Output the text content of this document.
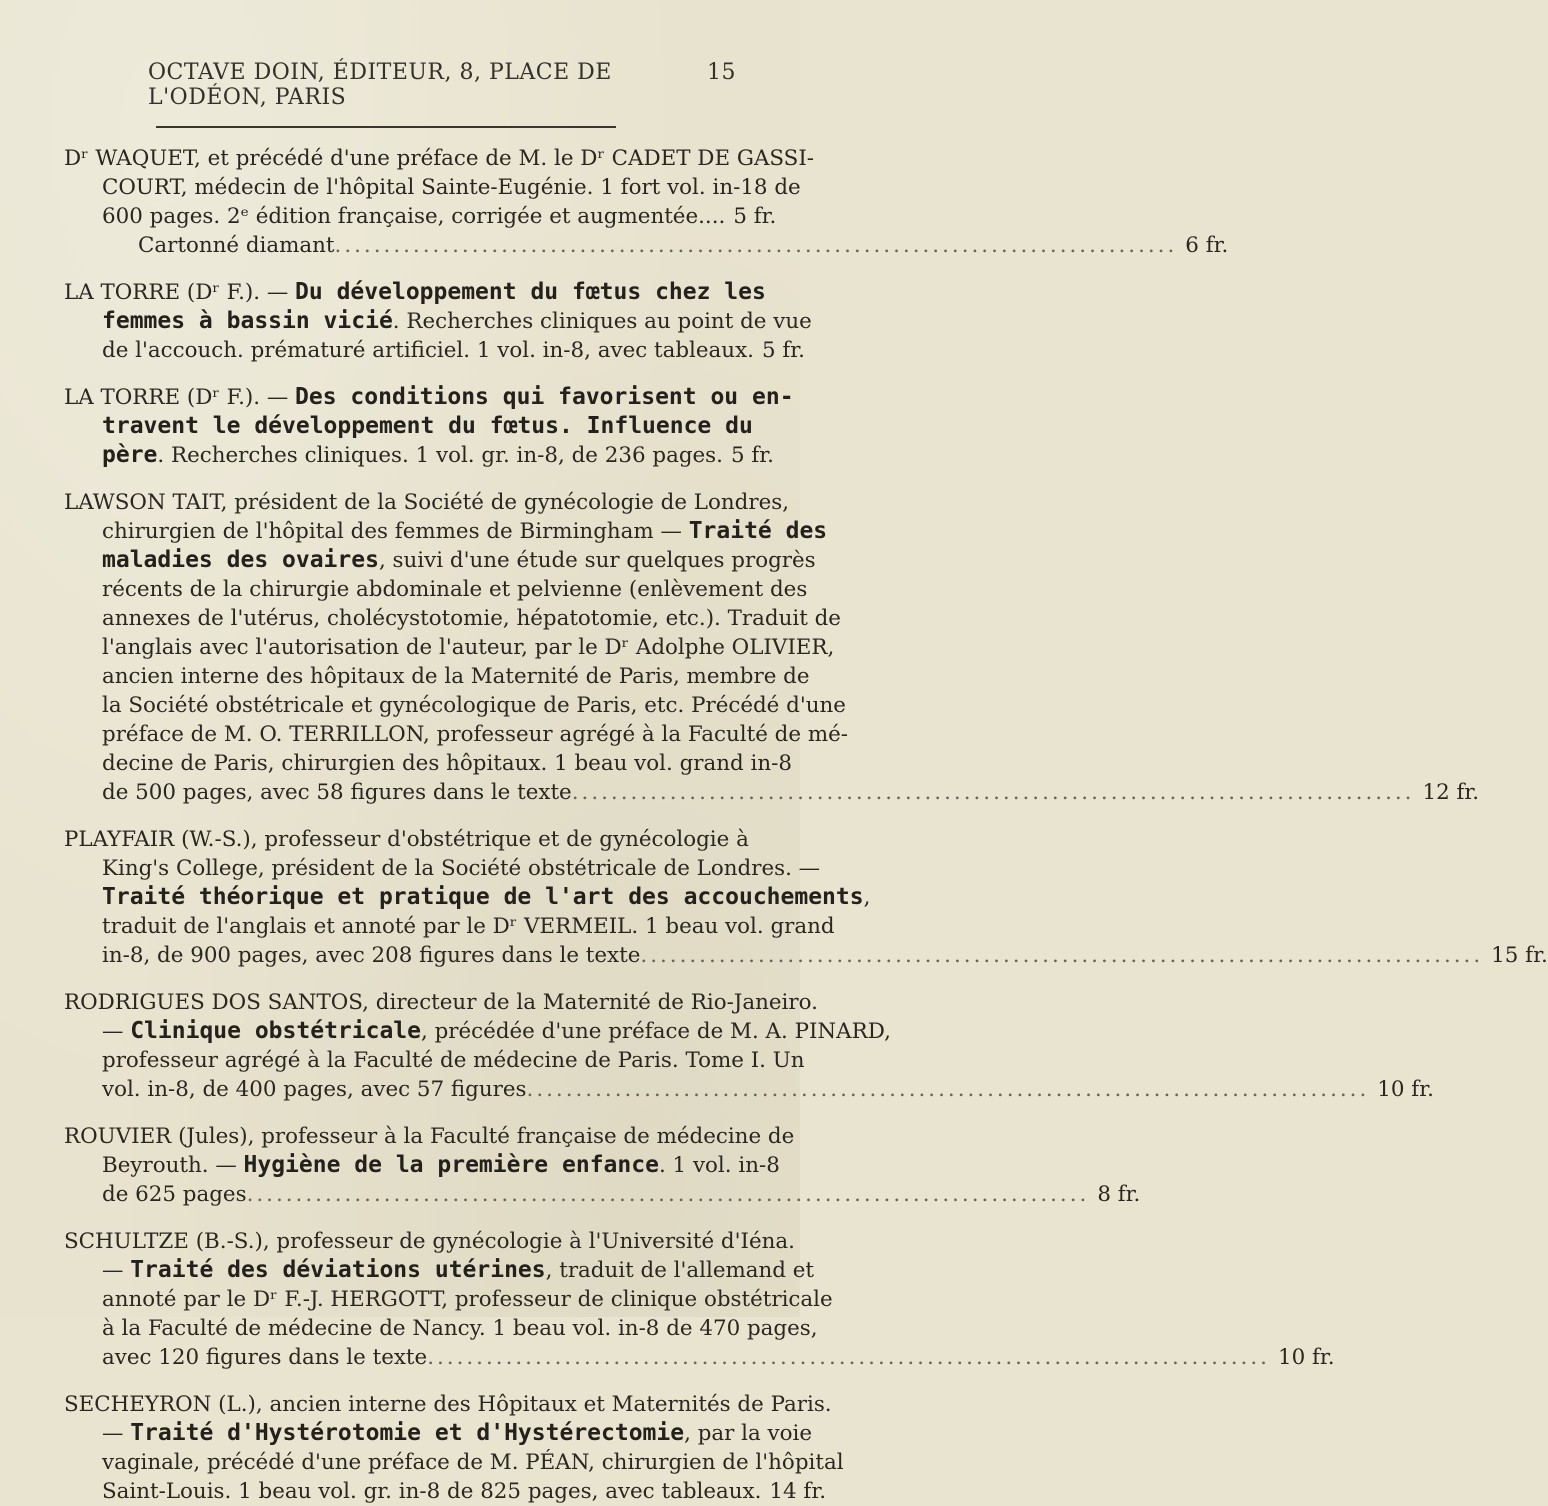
OCTAVE DOIN, ÉDITEUR, 8, PLACE DE L'ODÉON, PARIS
15
Dʳ WAQUET, et précédé d'une préface de M. le Dʳ CADET DE GASSI-
COURT, médecin de l'hôpital Sainte-Eugénie. 1 fort vol. in-18 de
600 pages. 2ᵉ édition française, corrigée et augmentée.... 5 fr.
Cartonné diamant .....	6 fr.
LA TORRE (Dʳ F.). — Du développement du fœtus chez les
femmes à bassin vicié. Recherches cliniques au point de vue
de l'accouch. prématuré artificiel. 1 vol. in-8, avec tableaux. 5 fr.
LA TORRE (Dʳ F.). — Des conditions qui favorisent ou en-
travent le développement du fœtus. Influence du
père. Recherches cliniques. 1 vol. gr. in-8, de 236 pages. 5 fr.
LAWSON TAIT, président de la Société de gynécologie de Londres,
chirurgien de l'hôpital des femmes de Birmingham — Traité des
maladies des ovaires, suivi d'une étude sur quelques progrès
récents de la chirurgie abdominale et pelvienne (enlèvement des
annexes de l'utérus, cholécystotomie, hépatotomie, etc.). Traduit de
l'anglais avec l'autorisation de l'auteur, par le Dʳ Adolphe OLIVIER,
ancien interne des hôpitaux de la Maternité de Paris, membre de
la Société obstétricale et gynécologique de Paris, etc. Précédé d'une
préface de M. O. TERRILLON, professeur agrégé à la Faculté de mé-
decine de Paris, chirurgien des hôpitaux. 1 beau vol. grand in-8
de 500 pages, avec 58 figures dans le texte .....	12 fr.
PLAYFAIR (W.-S.), professeur d'obstétrique et de gynécologie à
King's College, président de la Société obstétricale de Londres. —
Traité théorique et pratique de l'art des accouchements,
traduit de l'anglais et annoté par le Dʳ VERMEIL. 1 beau vol. grand
in-8, de 900 pages, avec 208 figures dans le texte .....	15 fr.
RODRIGUES DOS SANTOS, directeur de la Maternité de Rio-Janeiro.
— Clinique obstétricale, précédée d'une préface de M. A. PINARD,
professeur agrégé à la Faculté de médecine de Paris. Tome I. Un
vol. in-8, de 400 pages, avec 57 figures .....	10 fr.
ROUVIER (Jules), professeur à la Faculté française de médecine de
Beyrouth. — Hygiène de la première enfance. 1 vol. in-8
de 625 pages .....	8 fr.
SCHULTZE (B.-S.), professeur de gynécologie à l'Université d'Iéna.
— Traité des déviations utérines, traduit de l'allemand et
annoté par le Dʳ F.-J. HERGOTT, professeur de clinique obstétricale
à la Faculté de médecine de Nancy. 1 beau vol. in-8 de 470 pages,
avec 120 figures dans le texte .....	10 fr.
SECHEYRON (L.), ancien interne des Hôpitaux et Maternités de Paris.
— Traité d'Hystérotomie et d'Hystérectomie, par la voie
vaginale, précédé d'une préface de M. PÉAN, chirurgien de l'hôpital
Saint-Louis. 1 beau vol. gr. in-8 de 825 pages, avec tableaux. 14 fr.
